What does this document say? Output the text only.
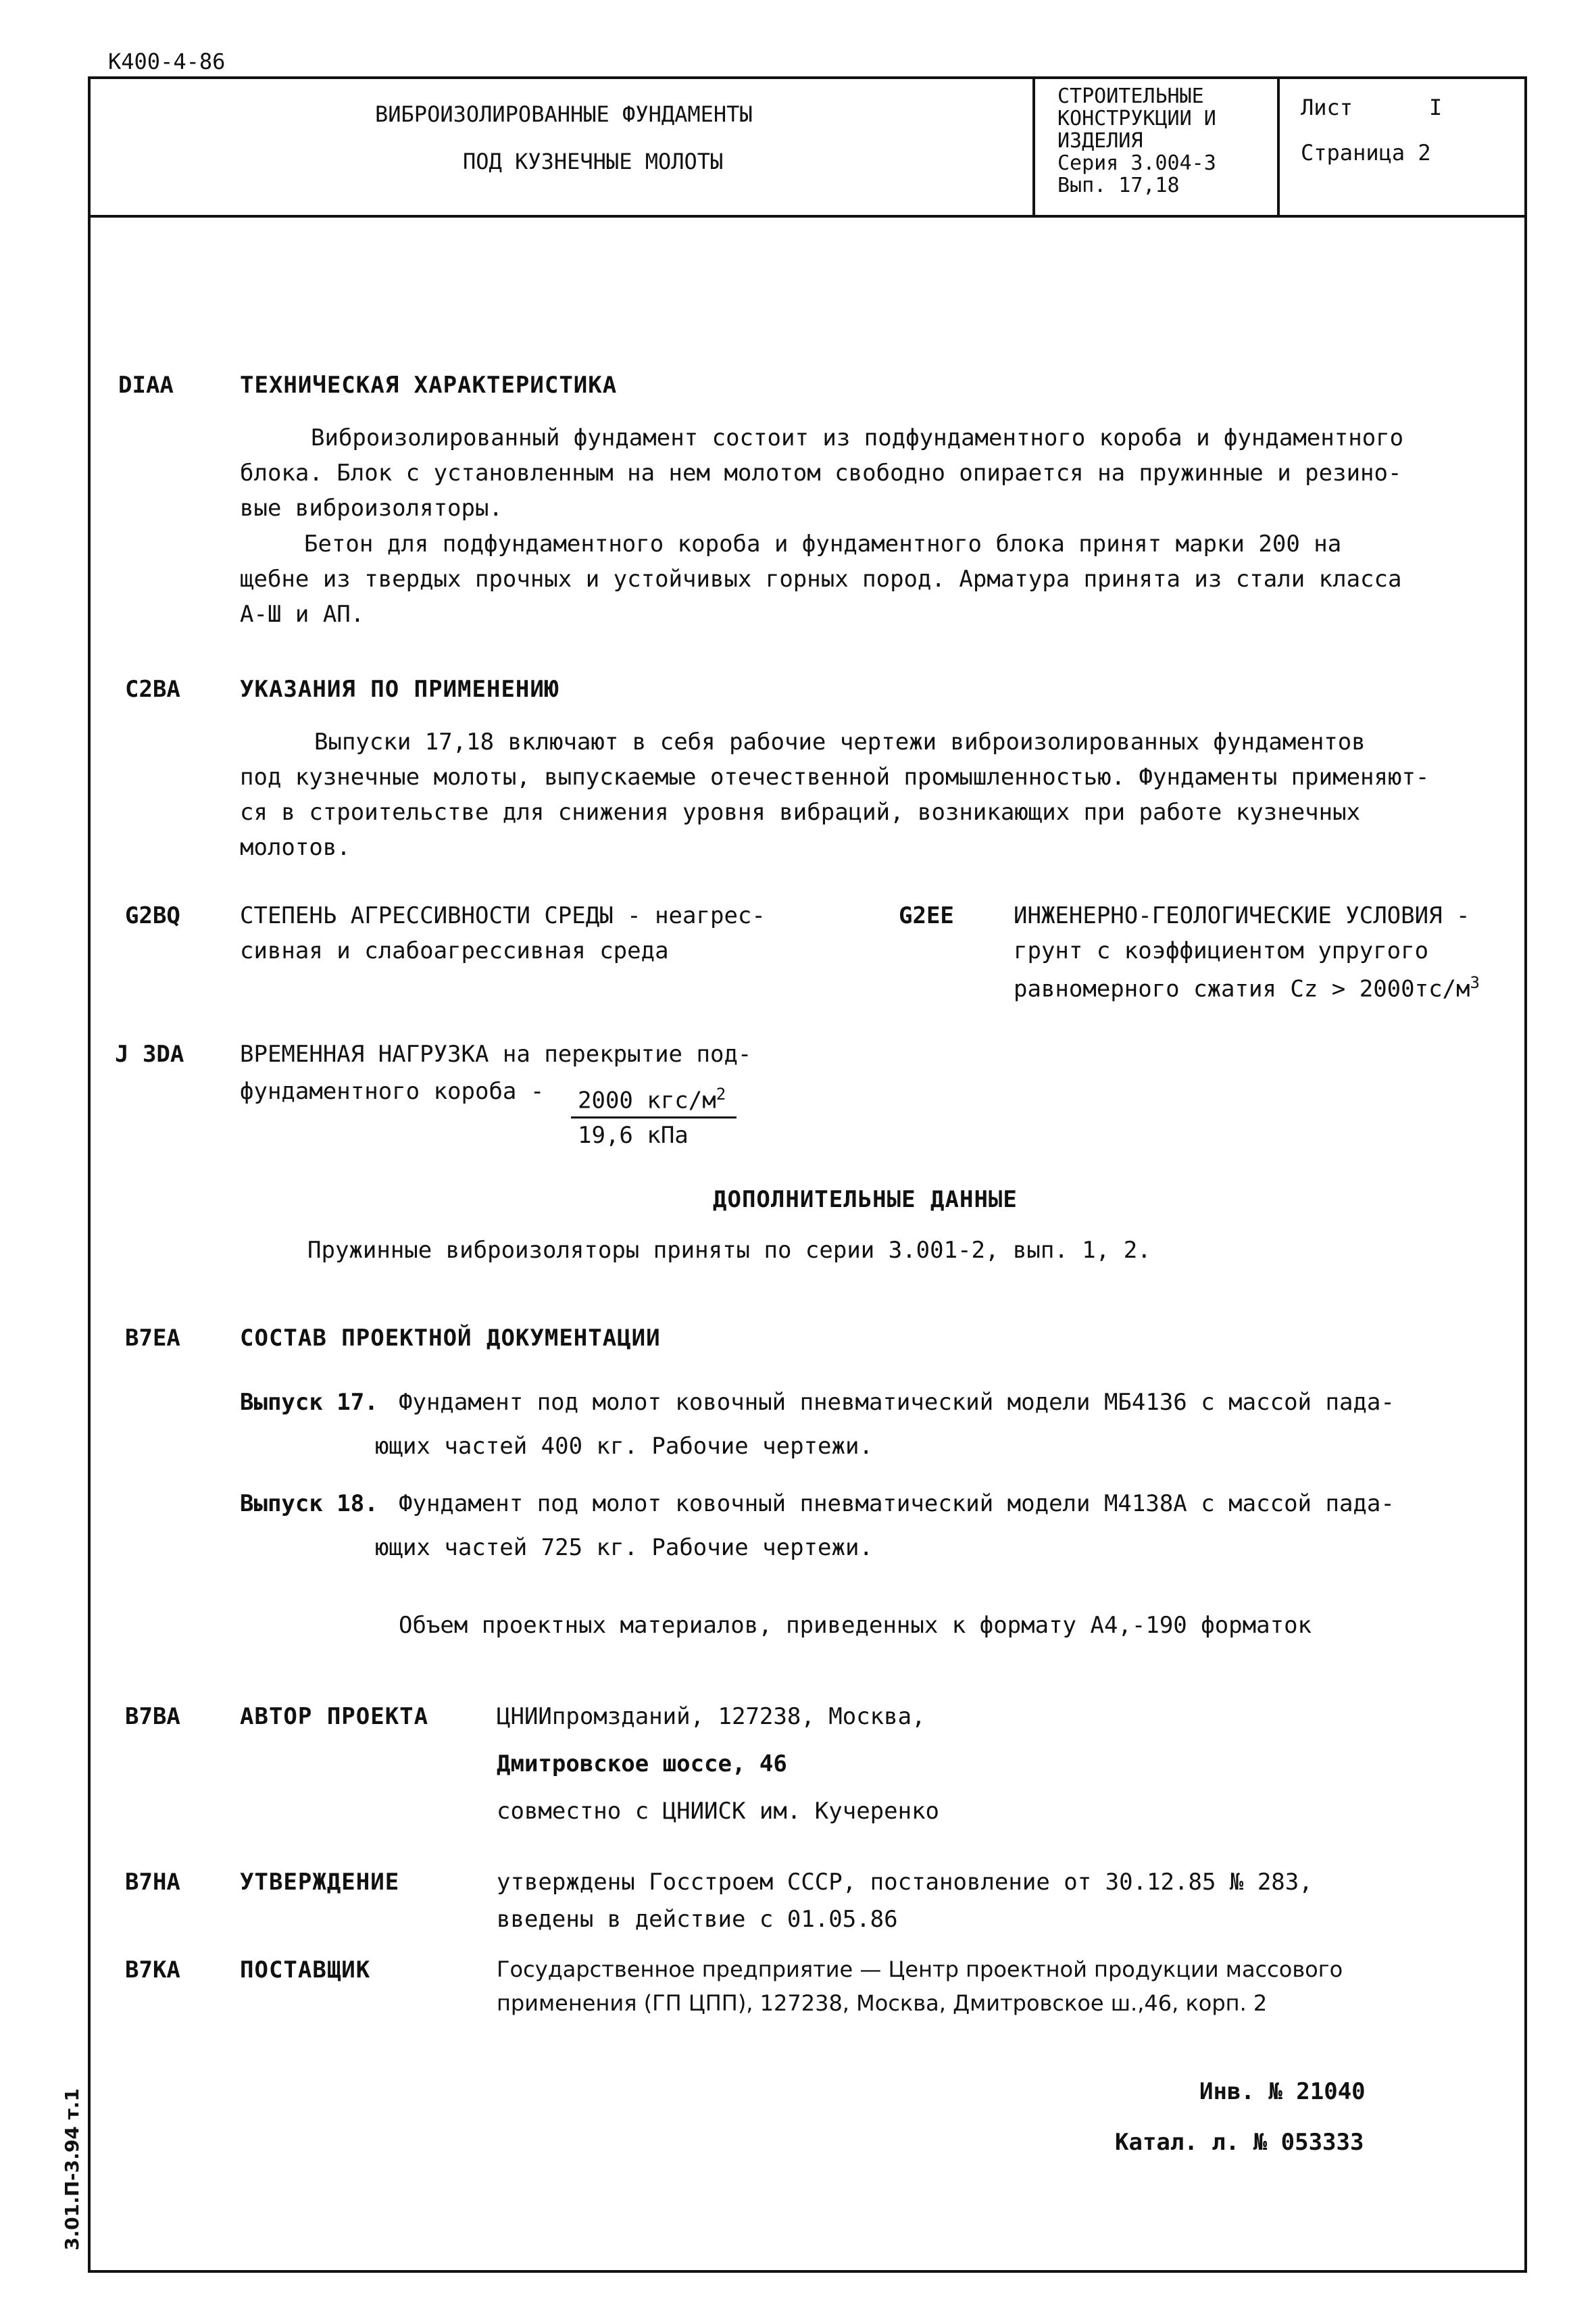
К400-4-86
ВИБРОИЗОЛИРОВАННЫЕ ФУНДАМЕНТЫ
ПОД КУЗНЕЧНЫЕ МОЛОТЫ
СТРОИТЕЛЬНЫЕ
КОНСТРУКЦИИ И
ИЗДЕЛИЯ
Серия 3.004-3
Вып. 17,18
Лист	I
Страница 2
DIAA	ТЕХНИЧЕСКАЯ ХАРАКТЕРИСТИКА
Виброизолированный фундамент состоит из подфундаментного короба и фундаментного
блока. Блок с установленным на нем молотом свободно опирается на пружинные и резино-
вые виброизоляторы.
Бетон для подфундаментного короба и фундаментного блока принят марки 200 на
щебне из твердых прочных и устойчивых горных пород. Арматура принята из стали класса
А-Ш и АП.
C2BA	УКАЗАНИЯ ПО ПРИМЕНЕНИЮ
Выпуски 17,18 включают в себя рабочие чертежи виброизолированных фундаментов
под кузнечные молоты, выпускаемые отечественной промышленностью. Фундаменты применяют-
ся в строительстве для снижения уровня вибраций, возникающих при работе кузнечных
молотов.
G2BQ	СТЕПЕНЬ АГРЕССИВНОСТИ СРЕДЫ - неагрес-
сивная и слабоагрессивная среда
G2EE	ИНЖЕНЕРНО-ГЕОЛОГИЧЕСКИЕ УСЛОВИЯ -
грунт с коэффициентом упругого
равномерного сжатия $Cz > 2000тс/м^3$
J 3DA ВРЕМЕННАЯ НАГРУЗКА на перекрытие под-
фундаментного короба - 2000 кгс/$м^2$
19,6 кПа
ДОПОЛНИТЕЛЬНЫЕ ДАННЫЕ
Пружинные виброизоляторы приняты по серии 3.001-2, вып. 1, 2.
B7EA	СОСТАВ ПРОЕКТНОЙ ДОКУМЕНТАЦИИ
Выпуск 17. Фундамент под молот ковочный пневматический модели МБ4136 с массой пада-
ющих частей 400 кг. Рабочие чертежи.
Выпуск 18. Фундамент под молот ковочный пневматический модели М4138А с массой пада-
ющих частей 725 кг. Рабочие чертежи.
Объем проектных материалов, приведенных к формату А4,-190 форматок
B7BA	АВТОР ПРОЕКТА	ЦНИИпромзданий, 127238, Москва,
Дмитровское шоссе, 46
совместно с ЦНИИСК им. Кучеренко
B7HA	УТВЕРЖДЕНИЕ	утверждены Госстроем СССР, постановление от 30.12.85 № 283,
введены в действие с 01.05.86
B7KA	ПОСТАВЩИК	Государственное предприятие — Центр проектной продукции массового
применения (ГП ЦПП), 127238, Москва, Дмитровское ш.,46, корп. 2
Инв. № 21040
Катал. л. № 053333
3.01.П-3.94 т.1
